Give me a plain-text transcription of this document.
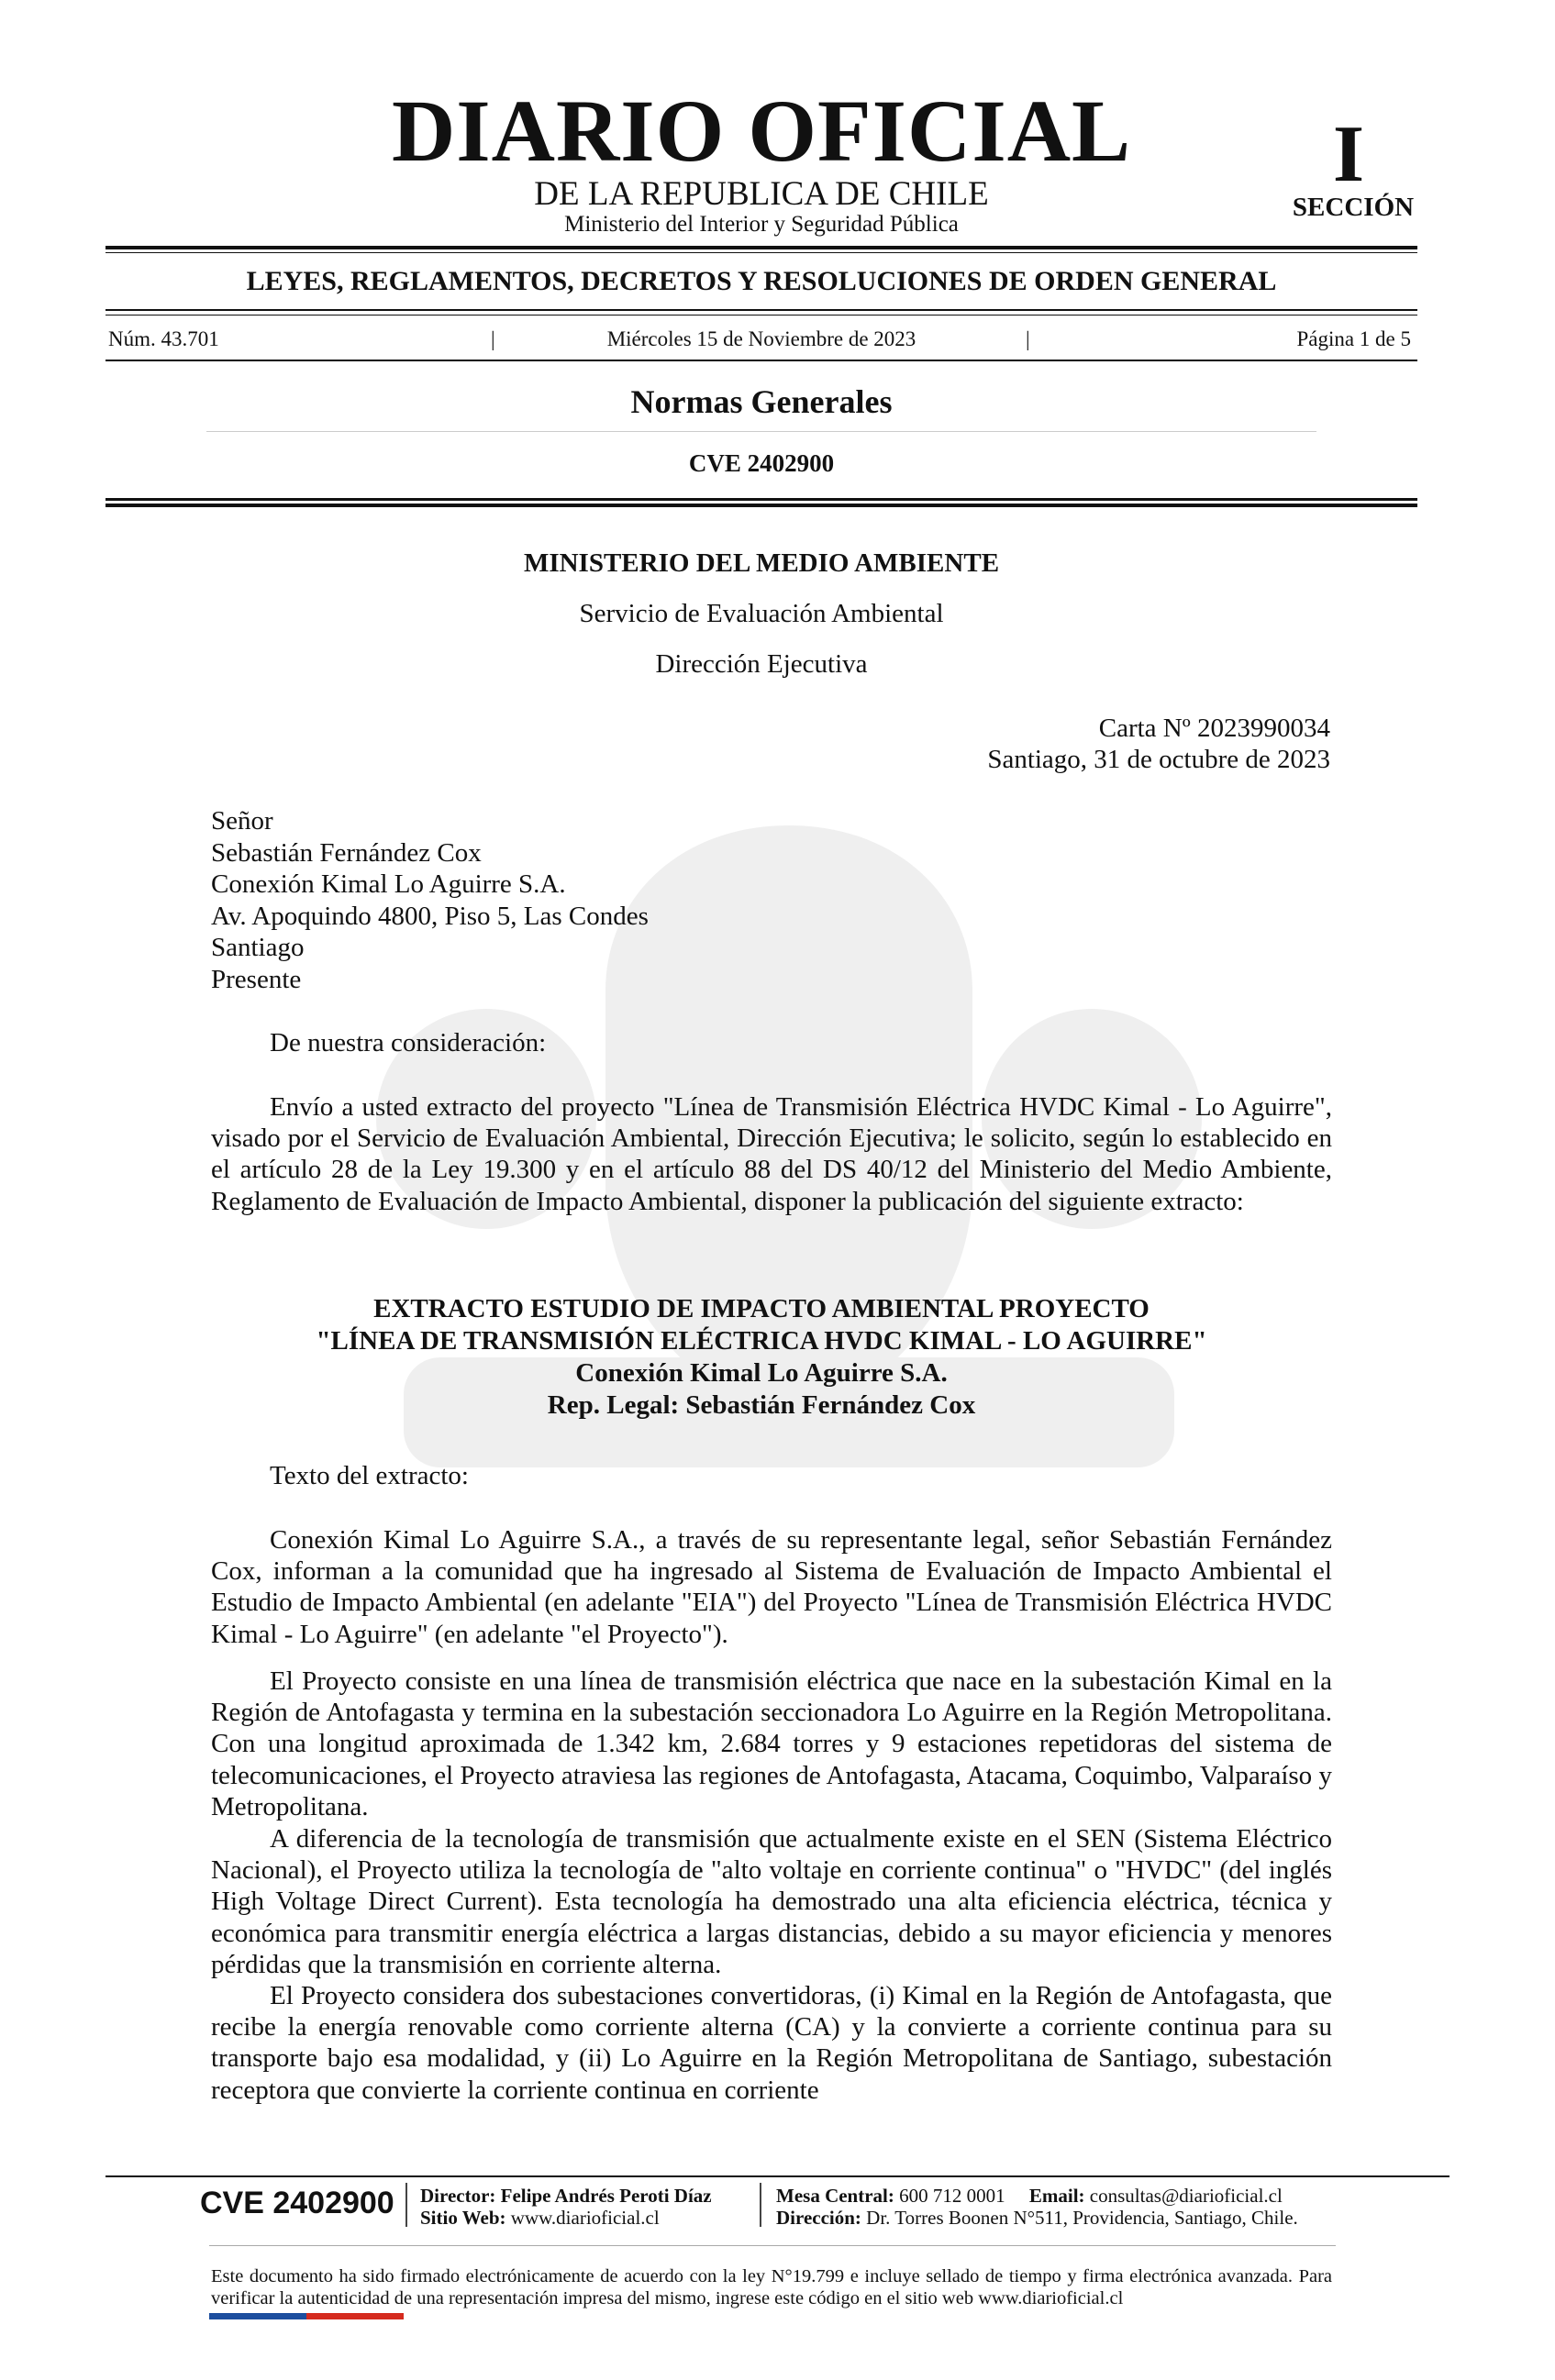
DIARIO OFICIAL
DE LA REPUBLICA DE CHILE
Ministerio del Interior y Seguridad Pública
I
SECCIÓN
LEYES, REGLAMENTOS, DECRETOS Y RESOLUCIONES DE ORDEN GENERAL
Núm. 43.701	|	Miércoles 15 de Noviembre de 2023	|	Página 1 de 5
Normas Generales
CVE 2402900
MINISTERIO DEL MEDIO AMBIENTE
Servicio de Evaluación Ambiental
Dirección Ejecutiva
Carta Nº 2023990034
Santiago, 31 de octubre de 2023
Señor
Sebastián Fernández Cox
Conexión Kimal Lo Aguirre S.A.
Av. Apoquindo 4800, Piso 5, Las Condes
Santiago
Presente
De nuestra consideración:

Envío a usted extracto del proyecto "Línea de Transmisión Eléctrica HVDC Kimal - Lo Aguirre", visado por el Servicio de Evaluación Ambiental, Dirección Ejecutiva; le solicito, según lo establecido en el artículo 28 de la Ley 19.300 y en el artículo 88 del DS 40/12 del Ministerio del Medio Ambiente, Reglamento de Evaluación de Impacto Ambiental, disponer la publicación del siguiente extracto:

EXTRACTO ESTUDIO DE IMPACTO AMBIENTAL PROYECTO
"LÍNEA DE TRANSMISIÓN ELÉCTRICA HVDC KIMAL - LO AGUIRRE"
Conexión Kimal Lo Aguirre S.A.
Rep. Legal: Sebastián Fernández Cox
Texto del extracto:

Conexión Kimal Lo Aguirre S.A., a través de su representante legal, señor Sebastián Fernández Cox, informan a la comunidad que ha ingresado al Sistema de Evaluación de Impacto Ambiental el Estudio de Impacto Ambiental (en adelante "EIA") del Proyecto "Línea de Transmisión Eléctrica HVDC Kimal - Lo Aguirre" (en adelante "el Proyecto").

El Proyecto consiste en una línea de transmisión eléctrica que nace en la subestación Kimal en la Región de Antofagasta y termina en la subestación seccionadora Lo Aguirre en la Región Metropolitana. Con una longitud aproximada de 1.342 km, 2.684 torres y 9 estaciones repetidoras del sistema de telecomunicaciones, el Proyecto atraviesa las regiones de Antofagasta, Atacama, Coquimbo, Valparaíso y Metropolitana.

A diferencia de la tecnología de transmisión que actualmente existe en el SEN (Sistema Eléctrico Nacional), el Proyecto utiliza la tecnología de "alto voltaje en corriente continua" o "HVDC" (del inglés High Voltage Direct Current). Esta tecnología ha demostrado una alta eficiencia eléctrica, técnica y económica para transmitir energía eléctrica a largas distancias, debido a su mayor eficiencia y menores pérdidas que la transmisión en corriente alterna.

El Proyecto considera dos subestaciones convertidoras, (i) Kimal en la Región de Antofagasta, que recibe la energía renovable como corriente alterna (CA) y la convierte a corriente continua para su transporte bajo esa modalidad, y (ii) Lo Aguirre en la Región Metropolitana de Santiago, subestación receptora que convierte la corriente continua en corriente

CVE 2402900 Director: Felipe Andrés Peroti Díaz
Sitio Web: www.diarioficial.cl
Mesa Central: 600 712 0001 Email: consultas@diarioficial.cl
Dirección: Dr. Torres Boonen N°511, Providencia, Santiago, Chile.
Este documento ha sido firmado electrónicamente de acuerdo con la ley N°19.799 e incluye sellado de tiempo y firma electrónica avanzada. Para verificar la autenticidad de una representación impresa del mismo, ingrese este código en el sitio web www.diarioficial.cl
